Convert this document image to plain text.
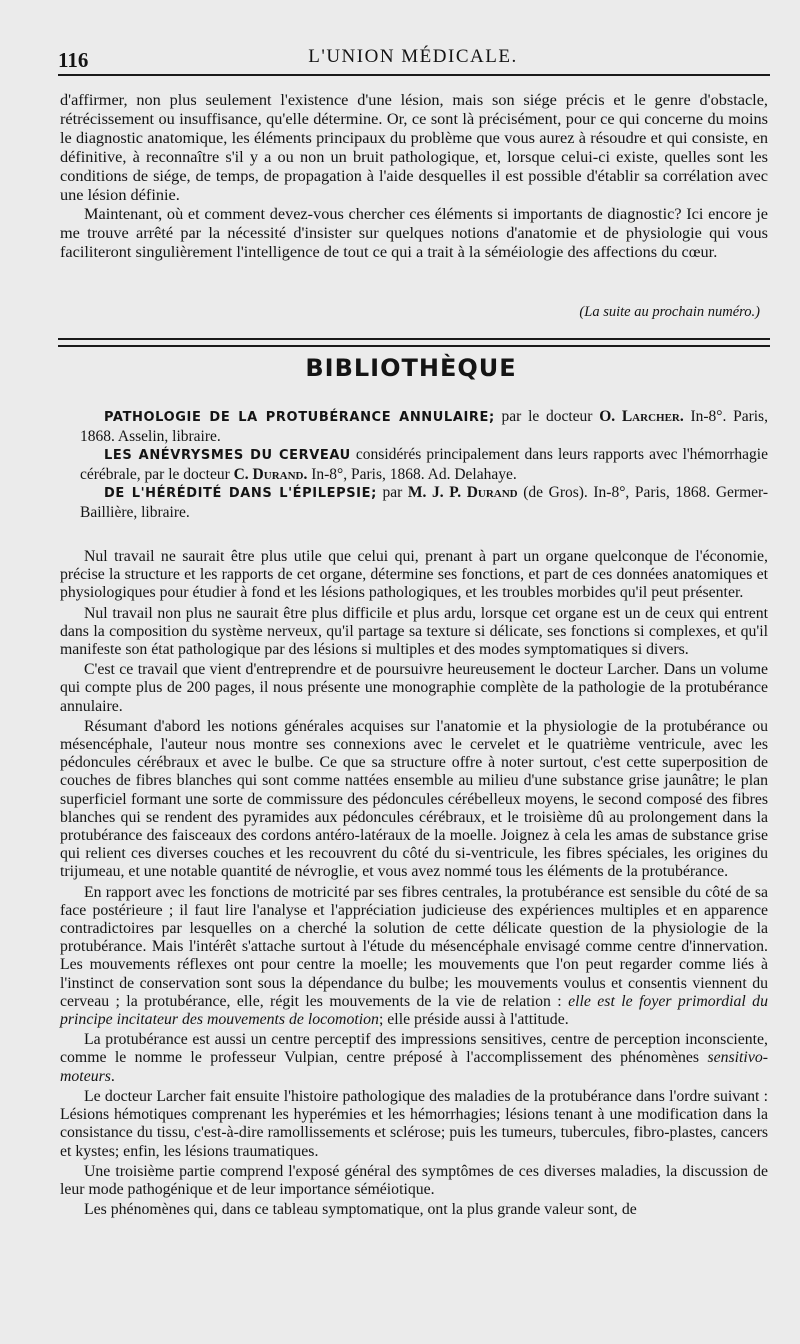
116	L'UNION MÉDICALE.

d'affirmer, non plus seulement l'existence d'une lésion, mais son siége précis et le genre d'obstacle, rétrécissement ou insuffisance, qu'elle détermine. Or, ce sont là précisément, pour ce qui concerne du moins le diagnostic anatomique, les éléments principaux du problème que vous aurez à résoudre et qui consiste, en définitive, à reconnaître s'il y a ou non un bruit pathologique, et, lorsque celui-ci existe, quelles sont les conditions de siége, de temps, de propagation à l'aide desquelles il est possible d'établir sa corrélation avec une lésion définie.

Maintenant, où et comment devez-vous chercher ces éléments si importants de diagnostic? Ici encore je me trouve arrêté par la nécessité d'insister sur quelques notions d'anatomie et de physiologie qui vous faciliteront singulièrement l'intelligence de tout ce qui a trait à la séméiologie des affections du cœur.

(La suite au prochain numéro.)
BIBLIOTHÈQUE

PATHOLOGIE DE LA PROTUBÉRANCE ANNULAIRE; par le docteur O. Larcher. In-8°. Paris, 1868. Asselin, libraire.

LES ANÉVRYSMES DU CERVEAU considérés principalement dans leurs rapports avec l'hémorrhagie cérébrale, par le docteur C. Durand. In-8°, Paris, 1868. Ad. Delahaye.

DE L'HÉRÉDITÉ DANS L'ÉPILEPSIE; par M. J. P. Durand (de Gros). In-8°, Paris, 1868. Germer-Baillière, libraire.

Nul travail ne saurait être plus utile que celui qui, prenant à part un organe quelconque de l'économie, précise la structure et les rapports de cet organe, détermine ses fonctions, et part de ces données anatomiques et physiologiques pour étudier à fond et les lésions pathologiques, et les troubles morbides qu'il peut présenter.

Nul travail non plus ne saurait être plus difficile et plus ardu, lorsque cet organe est un de ceux qui entrent dans la composition du système nerveux, qu'il partage sa texture si délicate, ses fonctions si complexes, et qu'il manifeste son état pathologique par des lésions si multiples et des modes symptomatiques si divers.

C'est ce travail que vient d'entreprendre et de poursuivre heureusement le docteur Larcher. Dans un volume qui compte plus de 200 pages, il nous présente une monographie complète de la pathologie de la protubérance annulaire.

Résumant d'abord les notions générales acquises sur l'anatomie et la physiologie de la protubérance ou mésencéphale, l'auteur nous montre ses connexions avec le cervelet et le quatrième ventricule, avec les pédoncules cérébraux et avec le bulbe. Ce que sa structure offre à noter surtout, c'est cette superposition de couches de fibres blanches qui sont comme nattées ensemble au milieu d'une substance grise jaunâtre; le plan superficiel formant une sorte de commissure des pédoncules cérébelleux moyens, le second composé des fibres blanches qui se rendent des pyramides aux pédoncules cérébraux, et le troisième dû au prolongement dans la protubérance des faisceaux des cordons antéro-latéraux de la moelle. Joignez à cela les amas de substance grise qui relient ces diverses couches et les recouvrent du côté du si-ventricule, les fibres spéciales, les origines du trijumeau, et une notable quantité de névroglie, et vous avez nommé tous les éléments de la protubérance.

En rapport avec les fonctions de motricité par ses fibres centrales, la protubérance est sensible du côté de sa face postérieure ; il faut lire l'analyse et l'appréciation judicieuse des expériences multiples et en apparence contradictoires par lesquelles on a cherché la solution de cette délicate question de la physiologie de la protubérance. Mais l'intérêt s'attache surtout à l'étude du mésencéphale envisagé comme centre d'innervation. Les mouvements réflexes ont pour centre la moelle; les mouvements que l'on peut regarder comme liés à l'instinct de conservation sont sous la dépendance du bulbe; les mouvements voulus et consentis viennent du cerveau ; la protubérance, elle, régit les mouvements de la vie de relation : elle est le foyer primordial du principe incitateur des mouvements de locomotion; elle préside aussi à l'attitude.

La protubérance est aussi un centre perceptif des impressions sensitives, centre de perception inconsciente, comme le nomme le professeur Vulpian, centre préposé à l'accomplissement des phénomènes sensitivo-moteurs.

Le docteur Larcher fait ensuite l'histoire pathologique des maladies de la protubérance dans l'ordre suivant : Lésions hémotiques comprenant les hyperémies et les hémorrhagies; lésions tenant à une modification dans la consistance du tissu, c'est-à-dire ramollissements et sclérose; puis les tumeurs, tubercules, fibro-plastes, cancers et kystes; enfin, les lésions traumatiques.

Une troisième partie comprend l'exposé général des symptômes de ces diverses maladies, la discussion de leur mode pathogénique et de leur importance séméiotique.

Les phénomènes qui, dans ce tableau symptomatique, ont la plus grande valeur sont, de
